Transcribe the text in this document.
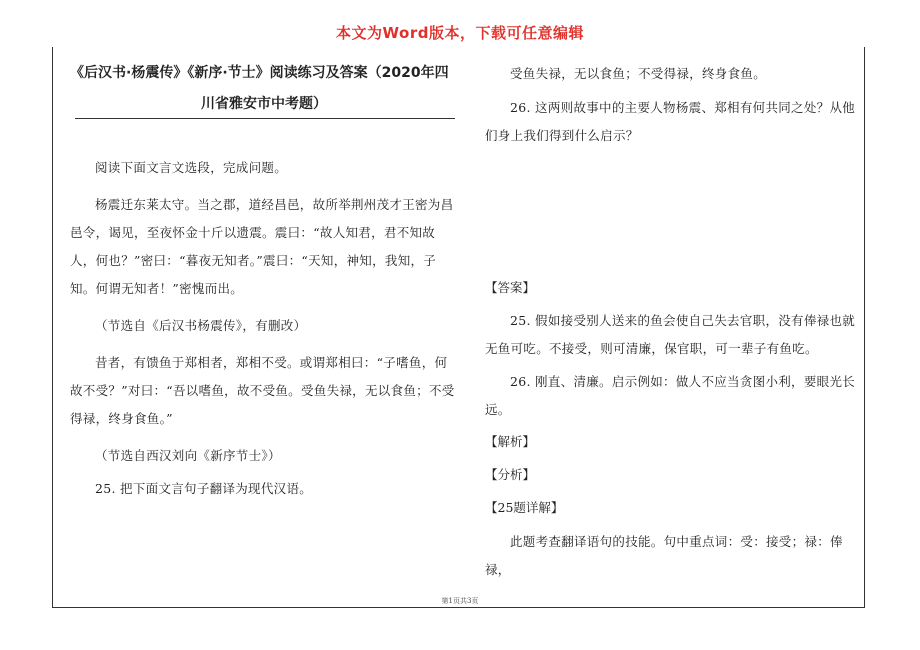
本文为Word版本，下载可任意编辑
《后汉书·杨震传》《新序·节士》阅读练习及答案（2020年四
川省雅安市中考题）

阅读下面文言文选段，完成问题。

杨震迁东莱太守。当之郡，道经昌邑，故所举荆州茂才王密为昌邑令，谒见，至夜怀金十斤以遗震。震曰：“故人知君，君不知故人，何也？”密曰：“暮夜无知者。”震曰：“天知，神知，我知，子知。何谓无知者！”密愧而出。

（节选自《后汉书杨震传》，有删改）

昔者，有馈鱼于郑相者，郑相不受。或谓郑相曰：“子嗜鱼，何故不受？”对曰：“吾以嗜鱼，故不受鱼。受鱼失禄，无以食鱼；不受得禄，终身食鱼。”

（节选自西汉刘向《新序节士》）

25. 把下面文言句子翻译为现代汉语。

受鱼失禄，无以食鱼；不受得禄，终身食鱼。

26. 这两则故事中的主要人物杨震、郑相有何共同之处？从他们身上我们得到什么启示？

【答案】

25. 假如接受别人送来的鱼会使自己失去官职，没有俸禄也就无鱼可吃。不接受，则可清廉，保官职，可一辈子有鱼吃。

26. 刚直、清廉。启示例如：做人不应当贪图小利，要眼光长远。

【解析】
【分析】
【25题详解】

此题考查翻译语句的技能。句中重点词：受：接受；禄：俸禄，

第1页共3页
